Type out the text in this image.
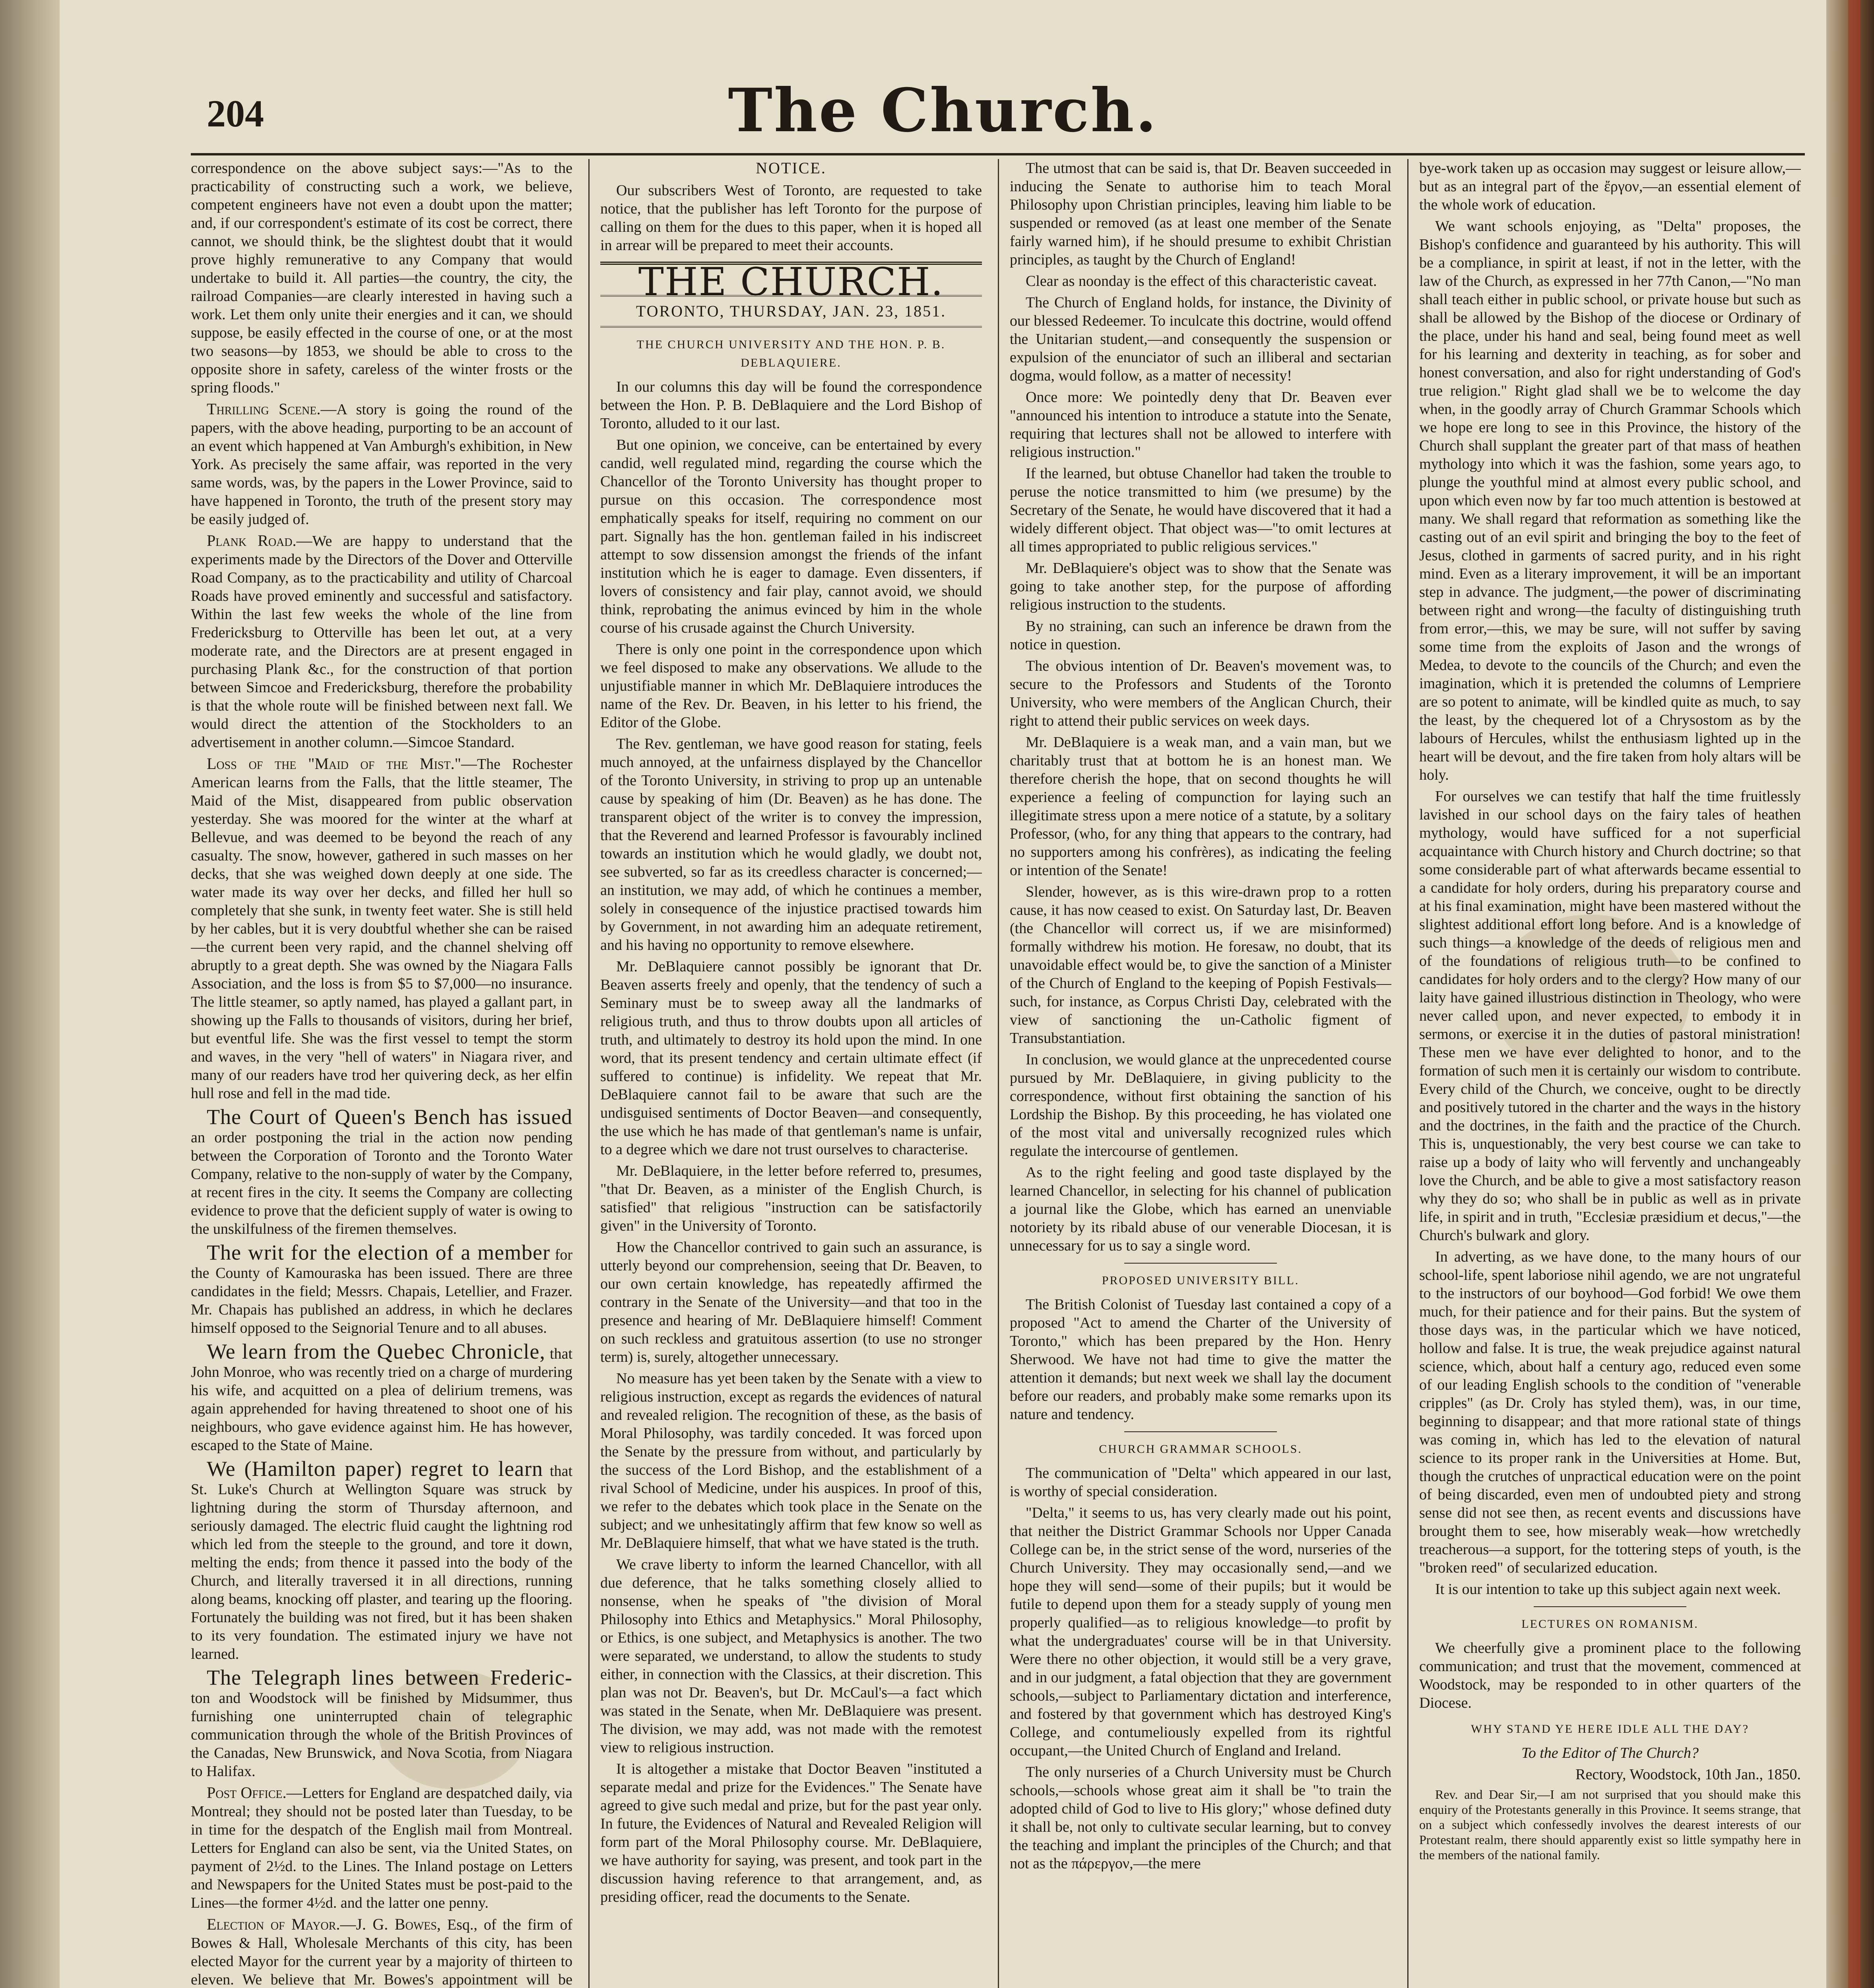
204	The Church.

correspondence on the above subject says:—"As to the practicability of constructing such a work, we believe, competent engineers have not even a doubt upon the matter; and, if our correspondent's estimate of its cost be correct, there cannot, we should think, be the slightest doubt that it would prove highly remunerative to any Company that would undertake to build it. All parties—the country, the city, the railroad Companies—are clearly interested in having such a work. Let them only unite their energies and it can, we should suppose, be easily effected in the course of one, or at the most two seasons—by 1853, we should be able to cross to the opposite shore in safety, careless of the winter frosts or the spring floods."

Thrilling Scene.—A story is going the round of the papers, with the above heading, purporting to be an account of an event which happened at Van Amburgh's exhibition, in New York. As precisely the same affair, was reported in the very same words, was, by the papers in the Lower Province, said to have happened in Toronto, the truth of the present story may be easily judged of.

Plank Road.—We are happy to understand that the experiments made by the Directors of the Dover and Otterville Road Company, as to the practicability and utility of Charcoal Roads have proved eminently and successful and satisfactory. Within the last few weeks the whole of the line from Fredericksburg to Otterville has been let out, at a very moderate rate, and the Directors are at present engaged in purchasing Plank &c., for the construction of that portion between Simcoe and Fredericksburg, therefore the probability is that the whole route will be finished between next fall. We would direct the attention of the Stockholders to an advertisement in another column.—Simcoe Standard.

Loss of the "Maid of the Mist."—The Rochester American learns from the Falls, that the little steamer, The Maid of the Mist, disappeared from public observation yesterday. She was moored for the winter at the wharf at Bellevue, and was deemed to be beyond the reach of any casualty. The snow, however, gathered in such masses on her decks, that she was weighed down deeply at one side. The water made its way over her decks, and filled her hull so completely that she sunk, in twenty feet water. She is still held by her cables, but it is very doubtful whether she can be raised—the current been very rapid, and the channel shelving off abruptly to a great depth. She was owned by the Niagara Falls Association, and the loss is from $5 to $7,000—no insurance. The little steamer, so aptly named, has played a gallant part, in showing up the Falls to thousands of visitors, during her brief, but eventful life. She was the first vessel to tempt the storm and waves, in the very "hell of waters" in Niagara river, and many of our readers have trod her quivering deck, as her elfin hull rose and fell in the mad tide.

The Court of Queen's Bench has issued an order postponing the trial in the action now pending between the Corporation of Toronto and the Toronto Water Company, relative to the non-supply of water by the Company, at recent fires in the city. It seems the Company are collecting evidence to prove that the deficient supply of water is owing to the unskilfulness of the firemen themselves.

The writ for the election of a member for the County of Kamouraska has been issued. There are three candidates in the field; Messrs. Chapais, Letellier, and Frazer. Mr. Chapais has published an address, in which he declares himself opposed to the Seignorial Tenure and to all abuses.

We learn from the Quebec Chronicle, that John Monroe, who was recently tried on a charge of murdering his wife, and acquitted on a plea of delirium tremens, was again apprehended for having threatened to shoot one of his neighbours, who gave evidence against him. He has however, escaped to the State of Maine.

We (Hamilton paper) regret to learn that St. Luke's Church at Wellington Square was struck by lightning during the storm of Thursday afternoon, and seriously damaged. The electric fluid caught the lightning rod which led from the steeple to the ground, and tore it down, melting the ends; from thence it passed into the body of the Church, and literally traversed it in all directions, running along beams, knocking off plaster, and tearing up the flooring. Fortunately the building was not fired, but it has been shaken to its very foundation. The estimated injury we have not learned.

The Telegraph lines between Frederic- ton and Woodstock will be finished by Midsummer, thus furnishing one uninterrupted chain of telegraphic communication through the whole of the British Provinces of the Canadas, New Brunswick, and Nova Scotia, from Niagara to Halifax.

Post Office.—Letters for England are despatched daily, via Montreal; they should not be posted later than Tuesday, to be in time for the despatch of the English mail from Montreal. Letters for England can also be sent, via the United States, on payment of 2½d. to the Lines. The Inland postage on Letters and Newspapers for the United States must be post-paid to the Lines—the former 4½d. and the latter one penny.

Election of Mayor.—J. G. Bowes, Esq., of the firm of Bowes & Hall, Wholesale Merchants of this city, has been elected Mayor for the current year by a majority of thirteen to eleven. We believe that Mr. Bowes's appointment will be

NOTICE.

Our subscribers West of Toronto, are requested to take notice, that the publisher has left Toronto for the purpose of calling on them for the dues to this paper, when it is hoped all in arrear will be prepared to meet their accounts.

THE CHURCH.

TORONTO, THURSDAY, JAN. 23, 1851.

THE CHURCH UNIVERSITY AND THE HON. P. B. DEBLAQUIERE.

In our columns this day will be found the correspondence between the Hon. P. B. DeBlaquiere and the Lord Bishop of Toronto, alluded to it our last.

But one opinion, we conceive, can be entertained by every candid, well regulated mind, regarding the course which the Chancellor of the Toronto University has thought proper to pursue on this occasion. The correspondence most emphatically speaks for itself, requiring no comment on our part. Signally has the hon. gentleman failed in his indiscreet attempt to sow dissension amongst the friends of the infant institution which he is eager to damage. Even dissenters, if lovers of consistency and fair play, cannot avoid, we should think, reprobating the animus evinced by him in the whole course of his crusade against the Church University.

There is only one point in the correspondence upon which we feel disposed to make any observations. We allude to the unjustifiable manner in which Mr. DeBlaquiere introduces the name of the Rev. Dr. Beaven, in his letter to his friend, the Editor of the Globe.

The Rev. gentleman, we have good reason for stating, feels much annoyed, at the unfairness displayed by the Chancellor of the Toronto University, in striving to prop up an untenable cause by speaking of him (Dr. Beaven) as he has done. The transparent object of the writer is to convey the impression, that the Reverend and learned Professor is favourably inclined towards an institution which he would gladly, we doubt not, see subverted, so far as its creedless character is concerned;—an institution, we may add, of which he continues a member, solely in consequence of the injustice practised towards him by Government, in not awarding him an adequate retirement, and his having no opportunity to remove elsewhere.

Mr. DeBlaquiere cannot possibly be ignorant that Dr. Beaven asserts freely and openly, that the tendency of such a Seminary must be to sweep away all the landmarks of religious truth, and thus to throw doubts upon all articles of truth, and ultimately to destroy its hold upon the mind. In one word, that its present tendency and certain ultimate effect (if suffered to continue) is infidelity. We repeat that Mr. DeBlaquiere cannot fail to be aware that such are the undisguised sentiments of Doctor Beaven—and consequently, the use which he has made of that gentleman's name is unfair, to a degree which we dare not trust ourselves to characterise.

Mr. DeBlaquiere, in the letter before referred to, presumes, "that Dr. Beaven, as a minister of the English Church, is satisfied" that religious "instruction can be satisfactorily given" in the University of Toronto.

How the Chancellor contrived to gain such an assurance, is utterly beyond our comprehension, seeing that Dr. Beaven, to our own certain knowledge, has repeatedly affirmed the contrary in the Senate of the University—and that too in the presence and hearing of Mr. DeBlaquiere himself! Comment on such reckless and gratuitous assertion (to use no stronger term) is, surely, altogether unnecessary.

No measure has yet been taken by the Senate with a view to religious instruction, except as regards the evidences of natural and revealed religion. The recognition of these, as the basis of Moral Philosophy, was tardily conceded. It was forced upon the Senate by the pressure from without, and particularly by the success of the Lord Bishop, and the establishment of a rival School of Medicine, under his auspices. In proof of this, we refer to the debates which took place in the Senate on the subject; and we unhesitatingly affirm that few know so well as Mr. DeBlaquiere himself, that what we have stated is the truth.

We crave liberty to inform the learned Chancellor, with all due deference, that he talks something closely allied to nonsense, when he speaks of "the division of Moral Philosophy into Ethics and Metaphysics." Moral Philosophy, or Ethics, is one subject, and Metaphysics is another. The two were separated, we understand, to allow the students to study either, in connection with the Classics, at their discretion. This plan was not Dr. Beaven's, but Dr. McCaul's—a fact which was stated in the Senate, when Mr. DeBlaquiere was present. The division, we may add, was not made with the remotest view to religious instruction.

It is altogether a mistake that Doctor Beaven "instituted a separate medal and prize for the Evidences." The Senate have agreed to give such medal and prize, but for the past year only. In future, the Evidences of Natural and Revealed Religion will form part of the Moral Philosophy course. Mr. DeBlaquiere, we have authority for saying, was present, and took part in the discussion having reference to that arrangement, and, as presiding officer, read the documents to the Senate.

The utmost that can be said is, that Dr. Beaven succeeded in inducing the Senate to authorise him to teach Moral Philosophy upon Christian principles, leaving him liable to be suspended or removed (as at least one member of the Senate fairly warned him), if he should presume to exhibit Christian principles, as taught by the Church of England!

Clear as noonday is the effect of this characteristic caveat.

The Church of England holds, for instance, the Divinity of our blessed Redeemer. To inculcate this doctrine, would offend the Unitarian student,—and consequently the suspension or expulsion of the enunciator of such an illiberal and sectarian dogma, would follow, as a matter of necessity!

Once more: We pointedly deny that Dr. Beaven ever "announced his intention to introduce a statute into the Senate, requiring that lectures shall not be allowed to interfere with religious instruction."

If the learned, but obtuse Chanellor had taken the trouble to peruse the notice transmitted to him (we presume) by the Secretary of the Senate, he would have discovered that it had a widely different object. That object was—"to omit lectures at all times appropriated to public religious services."

Mr. DeBlaquiere's object was to show that the Senate was going to take another step, for the purpose of affording religious instruction to the students.

By no straining, can such an inference be drawn from the notice in question.

The obvious intention of Dr. Beaven's movement was, to secure to the Professors and Students of the Toronto University, who were members of the Anglican Church, their right to attend their public services on week days.

Mr. DeBlaquiere is a weak man, and a vain man, but we charitably trust that at bottom he is an honest man. We therefore cherish the hope, that on second thoughts he will experience a feeling of compunction for laying such an illegitimate stress upon a mere notice of a statute, by a solitary Professor, (who, for any thing that appears to the contrary, had no supporters among his confrères), as indicating the feeling or intention of the Senate!

Slender, however, as is this wire-drawn prop to a rotten cause, it has now ceased to exist. On Saturday last, Dr. Beaven (the Chancellor will correct us, if we are misinformed) formally withdrew his motion. He foresaw, no doubt, that its unavoidable effect would be, to give the sanction of a Minister of the Church of England to the keeping of Popish Festivals—such, for instance, as Corpus Christi Day, celebrated with the view of sanctioning the un-Catholic figment of Transubstantiation.

In conclusion, we would glance at the unprecedented course pursued by Mr. DeBlaquiere, in giving publicity to the correspondence, without first obtaining the sanction of his Lordship the Bishop. By this proceeding, he has violated one of the most vital and universally recognized rules which regulate the intercourse of gentlemen.

As to the right feeling and good taste displayed by the learned Chancellor, in selecting for his channel of publication a journal like the Globe, which has earned an unenviable notoriety by its ribald abuse of our venerable Diocesan, it is unnecessary for us to say a single word.

PROPOSED UNIVERSITY BILL.

The British Colonist of Tuesday last contained a copy of a proposed "Act to amend the Charter of the University of Toronto," which has been prepared by the Hon. Henry Sherwood. We have not had time to give the matter the attention it demands; but next week we shall lay the document before our readers, and probably make some remarks upon its nature and tendency.

CHURCH GRAMMAR SCHOOLS.

The communication of "Delta" which appeared in our last, is worthy of special consideration.

"Delta," it seems to us, has very clearly made out his point, that neither the District Grammar Schools nor Upper Canada College can be, in the strict sense of the word, nurseries of the Church University. They may occasionally send,—and we hope they will send—some of their pupils; but it would be futile to depend upon them for a steady supply of young men properly qualified—as to religious knowledge—to profit by what the undergraduates' course will be in that University. Were there no other objection, it would still be a very grave, and in our judgment, a fatal objection that they are government schools,—subject to Parliamentary dictation and interference, and fostered by that government which has destroyed King's College, and contumeliously expelled from its rightful occupant,—the United Church of England and Ireland.

The only nurseries of a Church University must be Church schools,—schools whose great aim it shall be "to train the adopted child of God to live to His glory;" whose defined duty it shall be, not only to cultivate secular learning, but to convey the teaching and implant the principles of the Church; and that not as the πάρεργον,—the mere

bye-work taken up as occasion may suggest or leisure allow,—but as an integral part of the ἔργον,—an essential element of the whole work of education.

We want schools enjoying, as "Delta" proposes, the Bishop's confidence and guaranteed by his authority. This will be a compliance, in spirit at least, if not in the letter, with the law of the Church, as expressed in her 77th Canon,—"No man shall teach either in public school, or private house but such as shall be allowed by the Bishop of the diocese or Ordinary of the place, under his hand and seal, being found meet as well for his learning and dexterity in teaching, as for sober and honest conversation, and also for right understanding of God's true religion." Right glad shall we be to welcome the day when, in the goodly array of Church Grammar Schools which we hope ere long to see in this Province, the history of the Church shall supplant the greater part of that mass of heathen mythology into which it was the fashion, some years ago, to plunge the youthful mind at almost every public school, and upon which even now by far too much attention is bestowed at many. We shall regard that reformation as something like the casting out of an evil spirit and bringing the boy to the feet of Jesus, clothed in garments of sacred purity, and in his right mind. Even as a literary improvement, it will be an important step in advance. The judgment,—the power of discriminating between right and wrong—the faculty of distinguishing truth from error,—this, we may be sure, will not suffer by saving some time from the exploits of Jason and the wrongs of Medea, to devote to the councils of the Church; and even the imagination, which it is pretended the columns of Lempriere are so potent to animate, will be kindled quite as much, to say the least, by the chequered lot of a Chrysostom as by the labours of Hercules, whilst the enthusiasm lighted up in the heart will be devout, and the fire taken from holy altars will be holy.

For ourselves we can testify that half the time fruitlessly lavished in our school days on the fairy tales of heathen mythology, would have sufficed for a not superficial acquaintance with Church history and Church doctrine; so that some considerable part of what afterwards became essential to a candidate for holy orders, during his preparatory course and at his final examination, might have been mastered without the slightest additional effort long before. And is a knowledge of such things—a knowledge of the deeds of religious men and of the foundations of religious truth—to be confined to candidates for holy orders and to the clergy? How many of our laity have gained illustrious distinction in Theology, who were never called upon, and never expected, to embody it in sermons, or exercise it in the duties of pastoral ministration! These men we have ever delighted to honor, and to the formation of such men it is certainly our wisdom to contribute. Every child of the Church, we conceive, ought to be directly and positively tutored in the charter and the ways in the history and the doctrines, in the faith and the practice of the Church. This is, unquestionably, the very best course we can take to raise up a body of laity who will fervently and unchangeably love the Church, and be able to give a most satisfactory reason why they do so; who shall be in public as well as in private life, in spirit and in truth, "Ecclesiæ præsidium et decus,"—the Church's bulwark and glory.

In adverting, as we have done, to the many hours of our school-life, spent laboriose nihil agendo, we are not ungrateful to the instructors of our boyhood—God forbid! We owe them much, for their patience and for their pains. But the system of those days was, in the particular which we have noticed, hollow and false. It is true, the weak prejudice against natural science, which, about half a century ago, reduced even some of our leading English schools to the condition of "venerable cripples" (as Dr. Croly has styled them), was, in our time, beginning to disappear; and that more rational state of things was coming in, which has led to the elevation of natural science to its proper rank in the Universities at Home. But, though the crutches of unpractical education were on the point of being discarded, even men of undoubted piety and strong sense did not see then, as recent events and discussions have brought them to see, how miserably weak—how wretchedly treacherous—a support, for the tottering steps of youth, is the "broken reed" of secularized education.

It is our intention to take up this subject again next week.

LECTURES ON ROMANISM.

We cheerfully give a prominent place to the following communication; and trust that the movement, commenced at Woodstock, may be responded to in other quarters of the Diocese.

WHY STAND YE HERE IDLE ALL THE DAY?

To the Editor of The Church?

Rectory, Woodstock, 10th Jan., 1850.

Rev. and Dear Sir,—I am not surprised that you should make this enquiry of the Protestants generally in this Province. It seems strange, that on a subject which confessedly involves the dearest interests of our Protestant realm, there should apparently exist so little sympathy here in the members of the national family.
